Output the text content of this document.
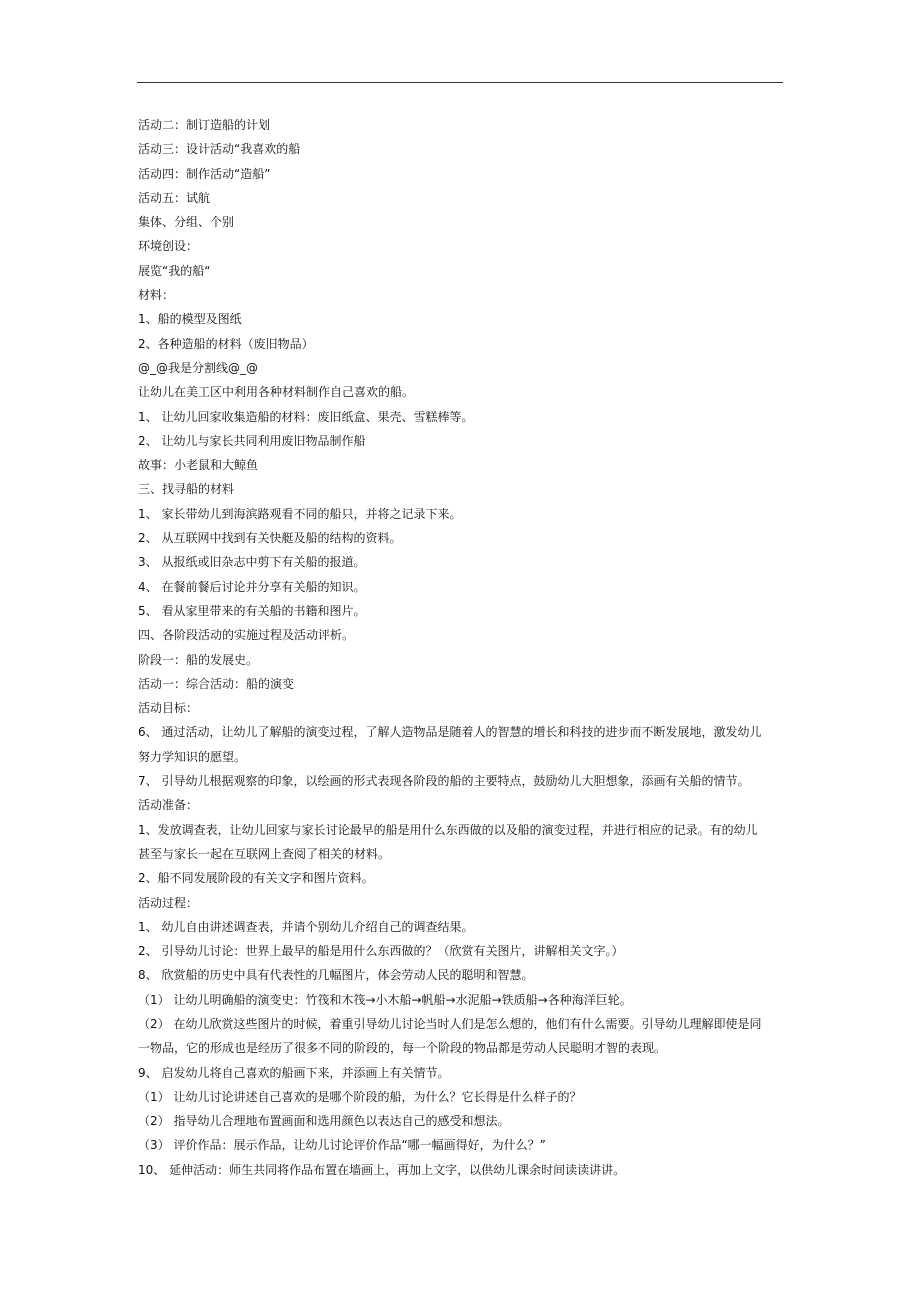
活动二：制订造船的计划
活动三：设计活动“我喜欢的船
活动四：制作活动“造船”
活动五：试航
集体、分组、个别
环境创设：
展览“我的船“
材料：
1、船的模型及图纸
2、各种造船的材料（废旧物品）
@_@我是分割线@_@
让幼儿在美工区中利用各种材料制作自己喜欢的船。
1、 让幼儿回家收集造船的材料：废旧纸盒、果壳、雪糕棒等。
2、 让幼儿与家长共同利用废旧物品制作船
故事：小老鼠和大鲸鱼
三、找寻船的材料
1、 家长带幼儿到海滨路观看不同的船只，并将之记录下来。
2、 从互联网中找到有关快艇及船的结构的资料。
3、 从报纸或旧杂志中剪下有关船的报道。
4、 在餐前餐后讨论并分享有关船的知识。
5、 看从家里带来的有关船的书籍和图片。
四、各阶段活动的实施过程及活动评析。
阶段一：船的发展史。
活动一：综合活动：船的演变
活动目标：
6、 通过活动，让幼儿了解船的演变过程，了解人造物品是随着人的智慧的增长和科技的进步而不断发展地，激发幼儿
努力学知识的愿望。
7、 引导幼儿根据观察的印象，以绘画的形式表现各阶段的船的主要特点，鼓励幼儿大胆想象，添画有关船的情节。
活动准备：
1、发放调查表，让幼儿回家与家长讨论最早的船是用什么东西做的以及船的演变过程，并进行相应的记录。有的幼儿
甚至与家长一起在互联网上查阅了相关的材料。
2、船不同发展阶段的有关文字和图片资料。
活动过程：
1、 幼儿自由讲述调查表，并请个别幼儿介绍自己的调查结果。
2、 引导幼儿讨论：世界上最早的船是用什么东西做的？（欣赏有关图片，讲解相关文字。）
8、 欣赏船的历史中具有代表性的几幅图片，体会劳动人民的聪明和智慧。
（1） 让幼儿明确船的演变史：竹筏和木筏→小木船→帆船→水泥船→铁质船→各种海洋巨轮。
（2） 在幼儿欣赏这些图片的时候，着重引导幼儿讨论当时人们是怎么想的，他们有什么需要。引导幼儿理解即使是同
一物品，它的形成也是经历了很多不同的阶段的，每一个阶段的物品都是劳动人民聪明才智的表现。
9、 启发幼儿将自己喜欢的船画下来，并添画上有关情节。
（1） 让幼儿讨论讲述自己喜欢的是哪个阶段的船，为什么？它长得是什么样子的？
（2） 指导幼儿合理地布置画面和选用颜色以表达自己的感受和想法。
（3） 评价作品：展示作品，让幼儿讨论评价作品“哪一幅画得好，为什么？”
10、 延伸活动：师生共同将作品布置在墙画上，再加上文字，以供幼儿课余时间读读讲讲。
